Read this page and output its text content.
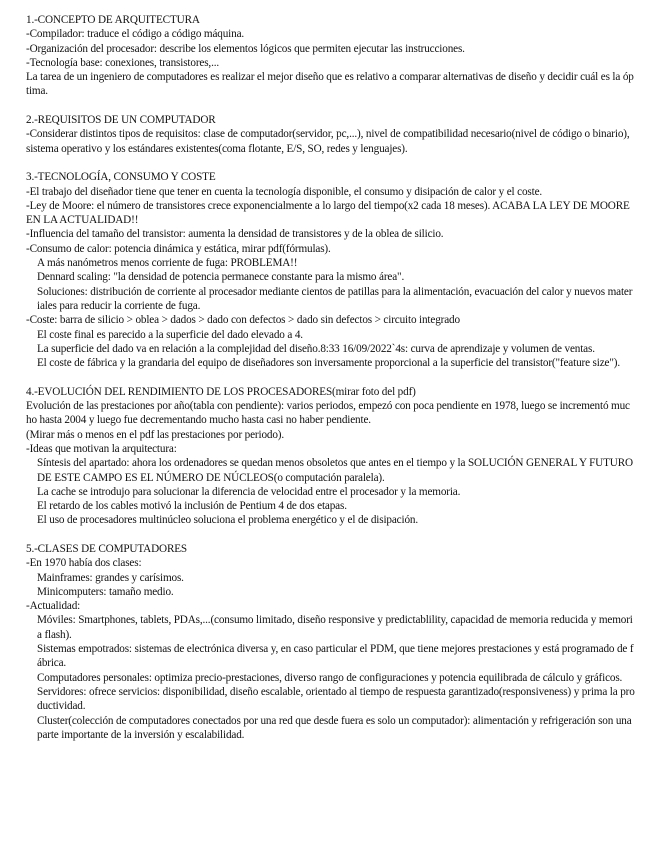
1.-CONCEPTO DE ARQUITECTURA

-Compilador: traduce el código a código máquina.

-Organización del procesador: describe los elementos lógicos que permiten ejecutar las instrucciones.

-Tecnología base: conexiones, transistores,...

La tarea de un ingeniero de computadores es realizar el mejor diseño que es relativo a comparar alternativas de diseño y decidir cuál es la óptima.

2.-REQUISITOS DE UN COMPUTADOR

-Considerar distintos tipos de requisitos: clase de computador(servidor, pc,...), nivel de compatibilidad necesario(nivel de código o binario), sistema operativo y los estándares existentes(coma flotante, E/S, SO, redes y lenguajes).

3.-TECNOLOGÍA, CONSUMO Y COSTE

-El trabajo del diseñador tiene que tener en cuenta la tecnología disponible, el consumo y disipación de calor y el coste.

-Ley de Moore: el número de transistores crece exponencialmente a lo largo del tiempo(x2 cada 18 meses). ACABA LA LEY DE MOORE EN LA ACTUALIDAD!!

-Influencia del tamaño del transistor: aumenta la densidad de transistores y de la oblea de silicio.

-Consumo de calor: potencia dinámica y estática, mirar pdf(fórmulas).

A más nanómetros menos corriente de fuga: PROBLEMA!!

Dennard scaling: "la densidad de potencia permanece constante para la mismo área".

Soluciones: distribución de corriente al procesador mediante cientos de patillas para la alimentación, evacuación del calor y nuevos materiales para reducir la corriente de fuga.

-Coste: barra de silicio > oblea > dados > dado con defectos > dado sin defectos > circuito integrado

El coste final es parecido a la superficie del dado elevado a 4.

La superficie del dado va en relación a la complejidad del diseño.8:33 16/09/2022`4s: curva de aprendizaje y volumen de ventas.

El coste de fábrica y la grandaria del equipo de diseñadores son inversamente proporcional a la superficie del transistor("feature size").

4.-EVOLUCIÓN DEL RENDIMIENTO DE LOS PROCESADORES(mirar foto del pdf)

Evolución de las prestaciones por año(tabla con pendiente): varios periodos, empezó con poca pendiente en 1978, luego se incrementó mucho hasta 2004 y luego fue decrementando mucho hasta casi no haber pendiente.

(Mirar más o menos en el pdf las prestaciones por periodo).

-Ideas que motivan la arquitectura:

Síntesis del apartado: ahora los ordenadores se quedan menos obsoletos que antes en el tiempo y la SOLUCIÓN GENERAL Y FUTURO DE ESTE CAMPO ES EL NÚMERO DE NÚCLEOS(o computación paralela).

La cache se introdujo para solucionar la diferencia de velocidad entre el procesador y la memoria.

El retardo de los cables motivó la inclusión de Pentium 4 de dos etapas.

El uso de procesadores multinúcleo soluciona el problema energético y el de disipación.

5.-CLASES DE COMPUTADORES

-En 1970 había dos clases:

Mainframes: grandes y carísimos.

Minicomputers: tamaño medio.

-Actualidad:

Móviles: Smartphones, tablets, PDAs,...(consumo limitado, diseño responsive y predictablility, capacidad de memoria reducida y memoria flash).

Sistemas empotrados: sistemas de electrónica diversa y, en caso particular el PDM, que tiene mejores prestaciones y está programado de fábrica.

Computadores personales: optimiza precio-prestaciones, diverso rango de configuraciones y potencia equilibrada de cálculo y gráficos.

Servidores: ofrece servicios: disponibilidad, diseño escalable, orientado al tiempo de respuesta garantizado(responsiveness) y prima la productividad.

Cluster(colección de computadores conectados por una red que desde fuera es solo un computador): alimentación y refrigeración son una parte importante de la inversión y escalabilidad.
